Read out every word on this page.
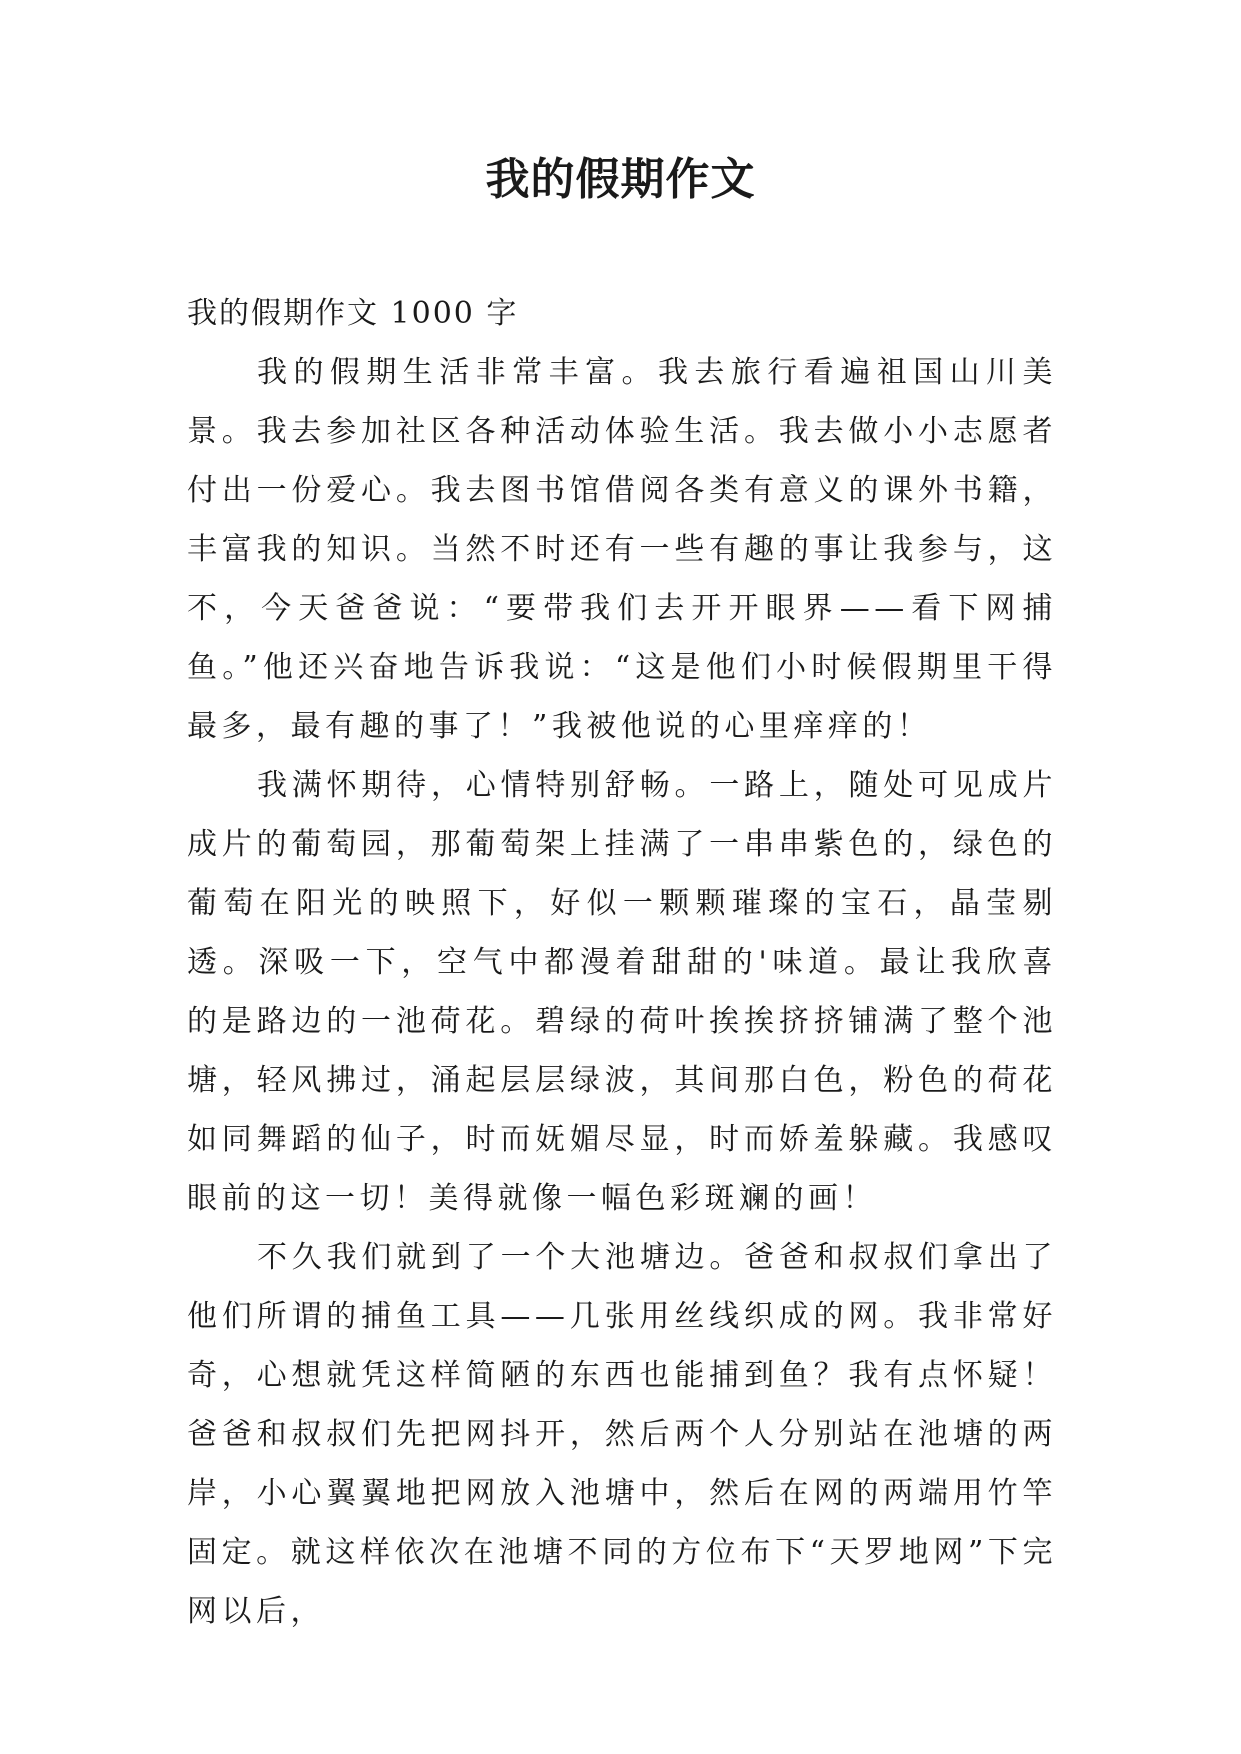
我的假期作文

我的假期作文 1000 字

我的假期生活非常丰富。我去旅行看遍祖国山川美景。我去参加社区各种活动体验生活。我去做小小志愿者付出一份爱心。我去图书馆借阅各类有意义的课外书籍，丰富我的知识。当然不时还有一些有趣的事让我参与，这不，今天爸爸说：“要带我们去开开眼界——看下网捕鱼。”他还兴奋地告诉我说：“这是他们小时候假期里干得最多，最有趣的事了！”我被他说的心里痒痒的！

我满怀期待，心情特别舒畅。一路上，随处可见成片成片的葡萄园，那葡萄架上挂满了一串串紫色的，绿色的葡萄在阳光的映照下，好似一颗颗璀璨的宝石，晶莹剔透。深吸一下，空气中都漫着甜甜的'味道。最让我欣喜的是路边的一池荷花。碧绿的荷叶挨挨挤挤铺满了整个池塘，轻风拂过，涌起层层绿波，其间那白色，粉色的荷花如同舞蹈的仙子，时而妩媚尽显，时而娇羞躲藏。我感叹眼前的这一切！美得就像一幅色彩斑斓的画！

不久我们就到了一个大池塘边。爸爸和叔叔们拿出了他们所谓的捕鱼工具——几张用丝线织成的网。我非常好奇，心想就凭这样简陋的东西也能捕到鱼？我有点怀疑！爸爸和叔叔们先把网抖开，然后两个人分别站在池塘的两岸，小心翼翼地把网放入池塘中，然后在网的两端用竹竿固定。就这样依次在池塘不同的方位布下“天罗地网”下完网以后，
